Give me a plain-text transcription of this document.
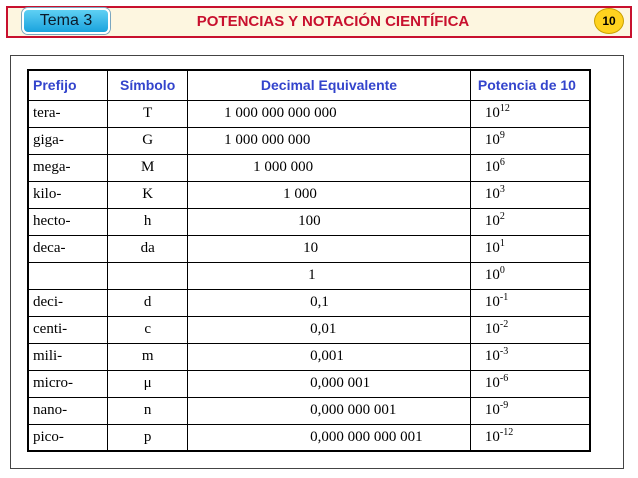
Tema 3	POTENCIAS Y NOTACIÓN CIENTÍFICA	10
Prefijo	Símbolo	Decimal Equivalente	Potencia de 10
tera-	T	1 000 000 000 000	$10^{12}$
giga-	G	1 000 000 000	$10^9$
mega-	M	1 000 000	$10^6$
kilo-	K	1 000	$10^3$
hecto-	h	100	$10^2$
deca-	da	10	$10^1$
		1	$10^0$
deci-	d	0,1	$10^{-1}$
centi-	c	0,01	$10^{-2}$
mili-	m	0,001	$10^{-3}$
micro-	μ	0,000 001	$10^{-6}$
nano-	n	0,000 000 001	$10^{-9}$
pico-	p	0,000 000 000 001	$10^{-12}$
